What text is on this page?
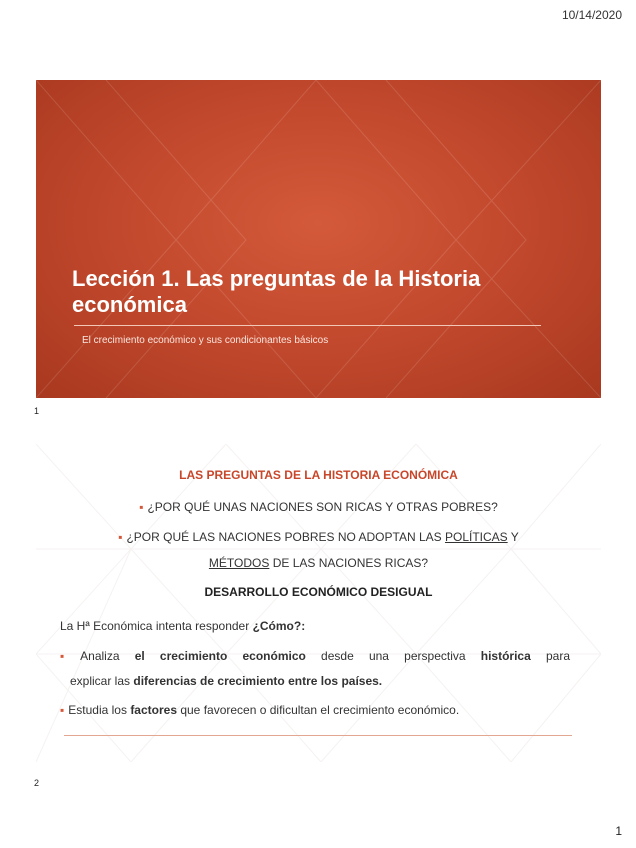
10/14/2020
Lección 1. Las preguntas de la Historia
económica
El crecimiento económico y sus condicionantes básicos
1
LAS PREGUNTAS DE LA HISTORIA ECONÓMICA
▪ ¿POR QUÉ UNAS NACIONES SON RICAS Y OTRAS POBRES?
▪ ¿POR QUÉ LAS NACIONES POBRES NO ADOPTAN LAS POLÍTICAS Y
MÉTODOS DE LAS NACIONES RICAS?
DESARROLLO ECONÓMICO DESIGUAL
La Hª Económica intenta responder ¿Cómo?:
▪ Analiza el crecimiento económico desde una perspectiva histórica para
explicar las diferencias de crecimiento entre los países.
▪ Estudia los factores que favorecen o dificultan el crecimiento económico.
2
1
